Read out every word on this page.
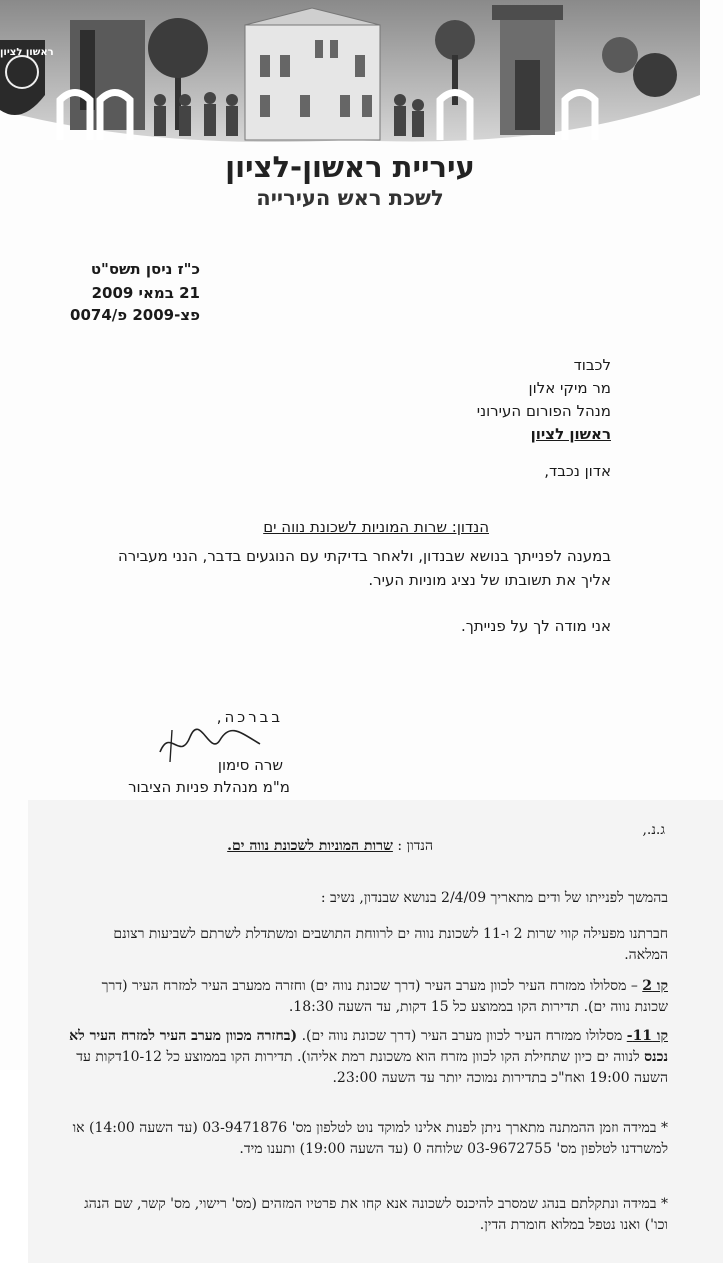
ראשון לציון
עיריית ראשון-לציון
לשכת ראש העירייה
כ"ז ניסן תשס"ט
21 במאי 2009
פצ-2009 פ/0074
לכבוד
מר מיקי אלון
מנהל הפורום העירוני
ראשון לציון
אדון נכבד,
הנדון: שרות המוניות לשכונת נווה ים
במענה לפנייתך בנושא שבנדון, ולאחר בדיקתי עם הנוגעים בדבר, הנני מעבירה אליך את תשובתו של נציג מוניות העיר.
אני מודה לך על פנייתך.
בברכה,
שרה סימון
מ"מ מנהלת פניות הציבור
ג.נ.,
הנדון : שרות המוניות לשכונת נווה ים.
בהמשך לפנייתו של ודים מתאריך 2/4/09 בנושא שבנדון, נשיב :
חברתנו מפעילה קווי שרות 2 ו-11 לשכונת נווה ים לרווחת התושבים ומשתדלת לשרתם לשביעות רצונם המלאה.
קו 2 – מסלולו ממזרח העיר לכוון מערב העיר (דרך שכונת נווה ים) וחזרה ממערב העיר למזרח העיר (דרך שכונת נווה ים). תדירות הקו בממוצע כל 15 דקות, עד השעה 18:30.
קו 11- מסלולו ממזרח העיר לכוון מערב העיר (דרך שכונת נווה ים). (בחזרה מכוון מערב העיר למזרח העיר לא נכנס לנווה ים כיון שתחילת הקו לכוון מזרח הוא משכונת רמת אליהו). תדירות הקו בממוצע כל 10-12דקות עד השעה 19:00 ואח"כ בתדירות נמוכה יותר עד השעה 23:00.
* במידה וזמן ההמתנה מתארך ניתן לפנות אלינו למוקד נוט לטלפון מס' 03-9471876 (עד השעה 14:00) או למשרדנו לטלפון מס' 03-9672755 שלוחה 0 (עד השעה 19:00) ותענו מיד.
* במידה ונתקלתם בנהג שמסרב להיכנס לשכונה אנא קחו את פרטיו המזהים (מס' רישוי, מס' קשר, שם הנהג וכו') ואנו נטפל במלוא חומרת הדין.
